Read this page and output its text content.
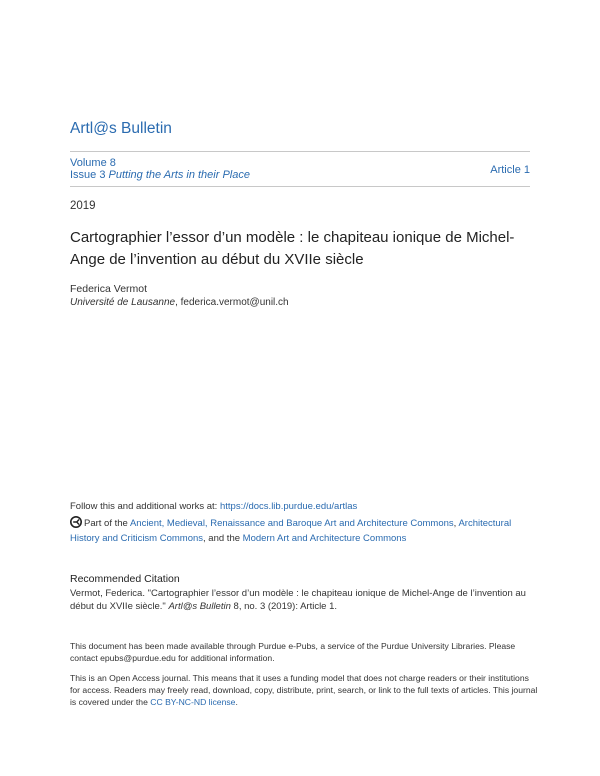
Artl@s Bulletin
Volume 8
Issue 3 Putting the Arts in their Place	Article 1
2019
Cartographier l’essor d’un modèle : le chapiteau ionique de Michel-Ange de l’invention au début du XVIIe siècle
Federica Vermot
Université de Lausanne, federica.vermot@unil.ch
Follow this and additional works at: https://docs.lib.purdue.edu/artlas
Part of the Ancient, Medieval, Renaissance and Baroque Art and Architecture Commons, Architectural History and Criticism Commons, and the Modern Art and Architecture Commons
Recommended Citation
Vermot, Federica. "Cartographier l’essor d’un modèle : le chapiteau ionique de Michel-Ange de l’invention au début du XVIIe siècle." Artl@s Bulletin 8, no. 3 (2019): Article 1.
This document has been made available through Purdue e-Pubs, a service of the Purdue University Libraries. Please contact epubs@purdue.edu for additional information.
This is an Open Access journal. This means that it uses a funding model that does not charge readers or their institutions for access. Readers may freely read, download, copy, distribute, print, search, or link to the full texts of articles. This journal is covered under the CC BY-NC-ND license.
